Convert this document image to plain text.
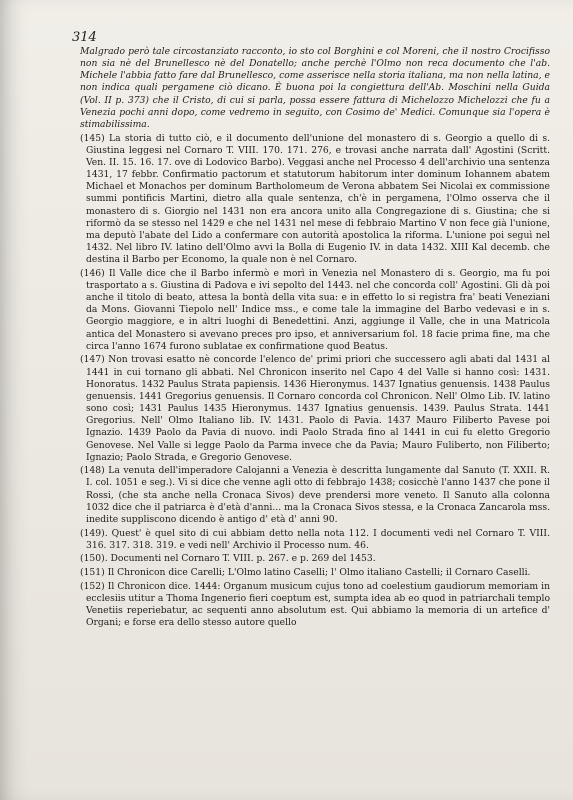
314

Malgrado però tale circostanziato racconto, io sto col Borghini e col Moreni, che il nostro Crocifisso non sia nè del Brunellesco nè del Donatello; anche perchè l'Olmo non reca documento che l'ab. Michele l'abbia fatto fare dal Brunellesco, come asserisce nella storia italiana, ma non nella latina, e non indica quali pergamene ciò dicano. È buona poi la congiettura dell'Ab. Moschini nella Guida (Vol. II p. 373) che il Cristo, di cui si parla, possa essere fattura di Michelozzo Michelozzi che fu a Venezia pochi anni dopo, come vedremo in seguito, con Cosimo de' Medici. Comunque sia l'opera è stimabilissima.

(145) La storia di tutto ciò, e il documento dell'unione del monastero di s. Georgio a quello di s. Giustina leggesi nel Cornaro T. VIII. 170. 171. 276, e trovasi anche narrata dall' Agostini (Scritt. Ven. II. 15. 16. 17. ove di Lodovico Barbo). Veggasi anche nel Processo 4 dell'archivio una sentenza 1431, 17 febbr. Confirmatio pactorum et statutorum habitorum inter dominum Iohannem abatem Michael et Monachos per dominum Bartholomeum de Verona abbatem Sei Nicolai ex commissione summi pontificis Martini, dietro alla quale sentenza, ch'è in pergamena, l'Olmo osserva che il monastero di s. Giorgio nel 1431 non era ancora unito alla Congregazione di s. Giustina; che si riformò da se stesso nel 1429 e che nel 1431 nel mese di febbraio Martino V non fece già l'unione, ma deputò l'abate del Lido a confermare con autorità apostolica la riforma. L'unione poi seguì nel 1432. Nel libro IV. latino dell'Olmo avvi la Bolla di Eugenio IV. in data 1432. XIII Kal decemb. che destina il Barbo per Economo, la quale non è nel Cornaro.

(146) Il Valle dice che il Barbo infermò e morì in Venezia nel Monastero di s. Georgio, ma fu poi trasportato a s. Giustina di Padova e ivi sepolto del 1443. nel che concorda coll' Agostini. Gli dà poi anche il titolo di beato, attesa la bontà della vita sua: e in effetto lo si registra fra' beati Veneziani da Mons. Giovanni Tiepolo nell' Indice mss., e come tale la immagine del Barbo vedevasi e in s. Georgio maggiore, e in altri luoghi di Benedettini. Anzi, aggiunge il Valle, che in una Matricola antica del Monastero si avevano preces pro ipso, et anniversarium fol. 18 facie prima fine, ma che circa l'anno 1674 furono sublatae ex confirmatione quod Beatus.

(147) Non trovasi esatto nè concorde l'elenco de' primi priori che successero agli abati dal 1431 al 1441 in cui tornano gli abbati. Nel Chronicon inserito nel Capo 4 del Valle si hanno così: 1431. Honoratus. 1432 Paulus Strata papiensis. 1436 Hieronymus. 1437 Ignatius genuensis. 1438 Paulus genuensis. 1441 Gregorius genuensis. Il Cornaro concorda col Chronicon. Nell' Olmo Lib. IV. latino sono così; 1431 Paulus 1435 Hieronymus. 1437 Ignatius genuensis. 1439. Paulus Strata. 1441 Gregorius. Nell' Olmo Italiano lib. IV. 1431. Paolo di Pavia. 1437 Mauro Filiberto Pavese poi Ignazio. 1439 Paolo da Pavia di nuovo. indi Paolo Strada fino al 1441 in cui fu eletto Gregorio Genovese. Nel Valle si legge Paolo da Parma invece che da Pavia; Mauro Fuliberto, non Filiberto; Ignazio; Paolo Strada, e Gregorio Genovese.

(148) La venuta dell'imperadore Calojanni a Venezia è descritta lungamente dal Sanuto (T. XXII. R. I. col. 1051 e seg.). Vi si dice che venne agli otto di febbrajo 1438; cosicchè l'anno 1437 che pone il Rossi, (che sta anche nella Cronaca Sivos) deve prendersi more veneto. Il Sanuto alla colonna 1032 dice che il patriarca è d'età d'anni... ma la Cronaca Sivos stessa, e la Cronaca Zancarola mss. inedite suppliscono dicendo è antigo d' età d' anni 90.

(149). Quest' è quel sito di cui abbiam detto nella nota 112. I documenti vedi nel Cornaro T. VIII. 316. 317. 318. 319. e vedi nell' Archivio il Processo num. 46.

(150). Documenti nel Cornaro T. VIII. p. 267. e p. 269 del 1453.

(151) Il Chronicon dice Carelli; L'Olmo latino Caselli; l' Olmo italiano Castelli; il Cornaro Caselli.

(152) Il Chronicon dice. 1444: Organum musicum cujus tono ad coelestium gaudiorum memoriam in ecclesiis utitur a Thoma Ingenerio fieri coeptum est, sumpta idea ab eo quod in patriarchali templo Venetiis reperiebatur, ac sequenti anno absolutum est. Qui abbiamo la memoria di un artefice d' Organi; e forse era dello stesso autore quello
